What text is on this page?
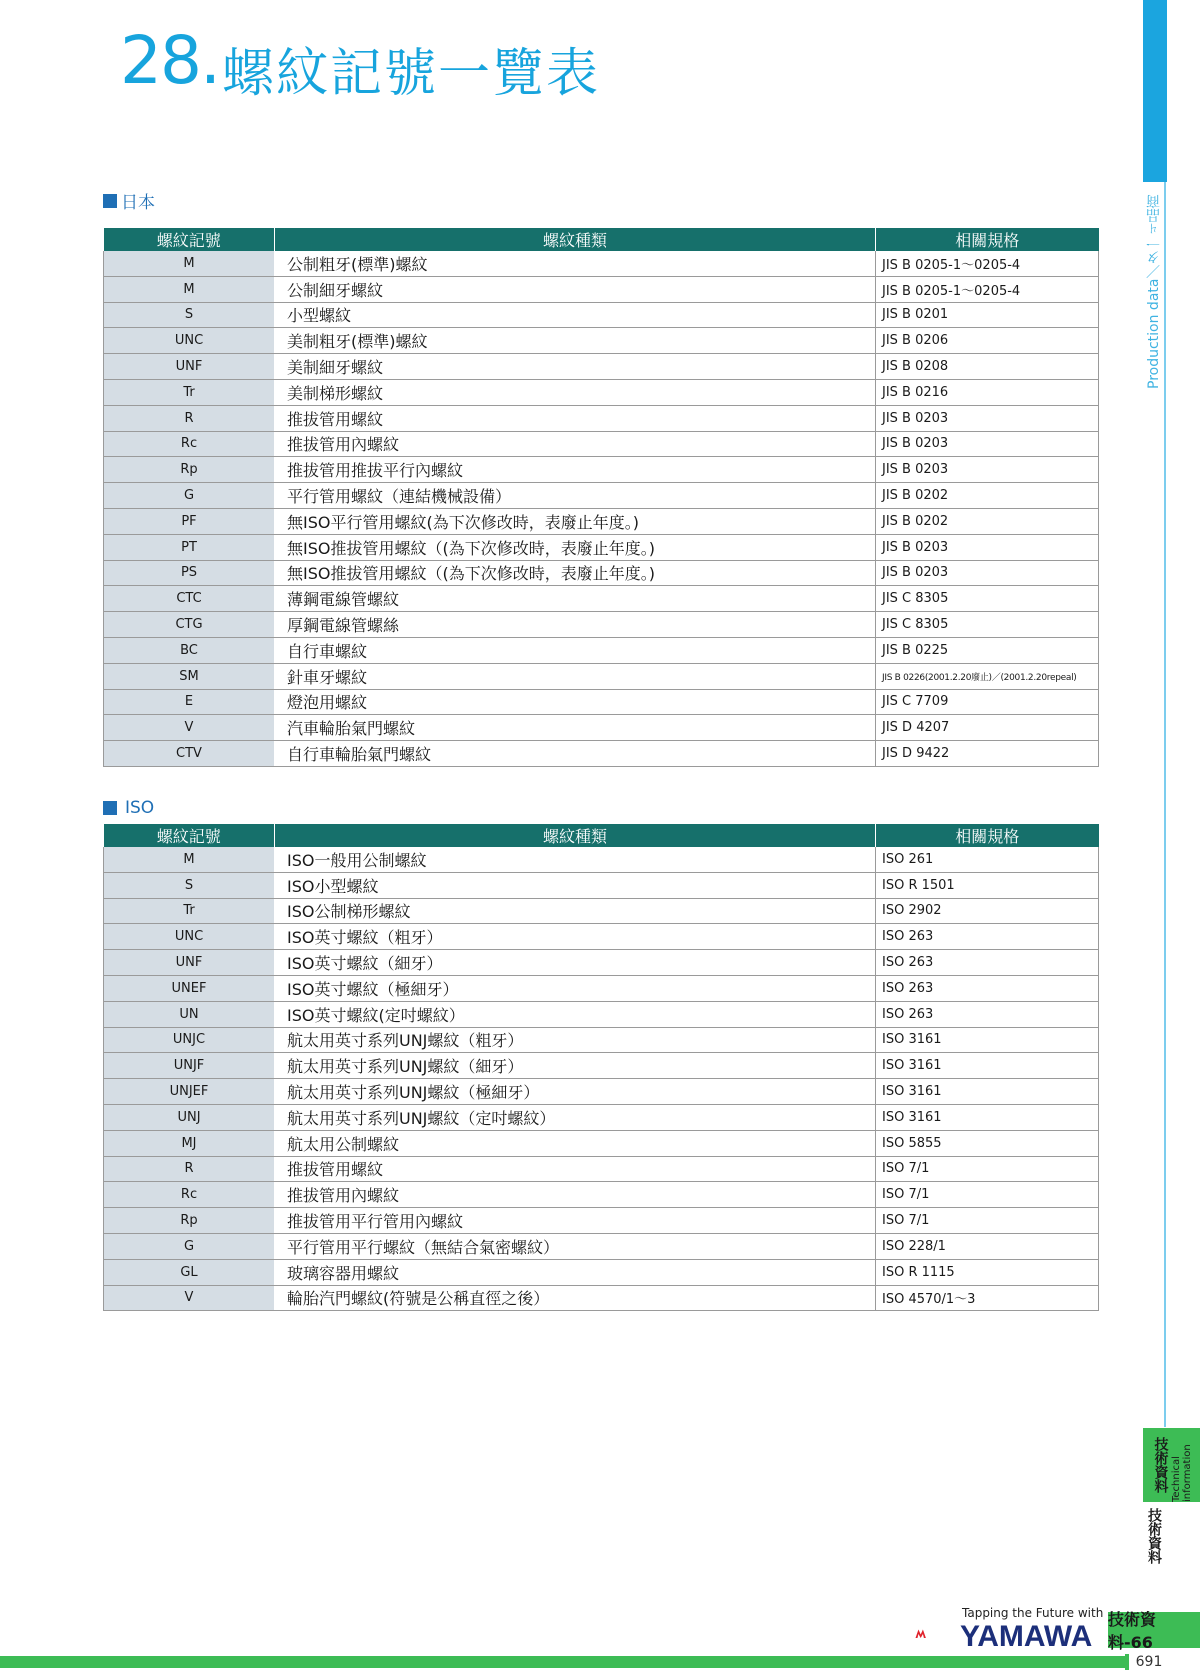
28. 螺紋記號一覽表
日本
螺紋記號	螺紋種類	相關規格
M	公制粗牙(標準)螺紋	JIS B 0205-1～0205-4
M	公制細牙螺紋	JIS B 0205-1～0205-4
S	小型螺紋	JIS B 0201
UNC	美制粗牙(標準)螺紋	JIS B 0206
UNF	美制細牙螺紋	JIS B 0208
Tr	美制梯形螺紋	JIS B 0216
R	推拔管用螺紋	JIS B 0203
Rc	推拔管用內螺紋	JIS B 0203
Rp	推拔管用推拔平行內螺紋	JIS B 0203
G	平行管用螺紋（連結機械設備）	JIS B 0202
PF	無ISO平行管用螺紋(為下次修改時，表廢止年度。)	JIS B 0202
PT	無ISO推拔管用螺紋（(為下次修改時，表廢止年度。)	JIS B 0203
PS	無ISO推拔管用螺紋（(為下次修改時，表廢止年度。)	JIS B 0203
CTC	薄鋼電線管螺紋	JIS C 8305
CTG	厚鋼電線管螺絲	JIS C 8305
BC	自行車螺紋	JIS B 0225
SM	針車牙螺紋	JIS B 0226(2001.2.20廢止)／(2001.2.20repeal)
E	燈泡用螺紋	JIS C 7709
V	汽車輪胎氣門螺紋	JIS D 4207
CTV	自行車輪胎氣門螺紋	JIS D 9422
ISO
螺紋記號	螺紋種類	相關規格
M	ISO一般用公制螺紋	ISO 261
S	ISO小型螺紋	ISO R 1501
Tr	ISO公制梯形螺紋	ISO 2902
UNC	ISO英寸螺紋（粗牙）	ISO 263
UNF	ISO英寸螺紋（細牙）	ISO 263
UNEF	ISO英寸螺紋（極細牙）	ISO 263
UN	ISO英寸螺紋(定吋螺紋）	ISO 263
UNJC	航太用英寸系列UNJ螺紋（粗牙）	ISO 3161
UNJF	航太用英寸系列UNJ螺紋（細牙）	ISO 3161
UNJEF	航太用英寸系列UNJ螺紋（極細牙）	ISO 3161
UNJ	航太用英寸系列UNJ螺紋（定吋螺紋）	ISO 3161
MJ	航太用公制螺紋	ISO 5855
R	推拔管用螺紋	ISO 7/1
Rc	推拔管用內螺紋	ISO 7/1
Rp	推拔管用平行管用內螺紋	ISO 7/1
G	平行管用平行螺紋（無結合氣密螺紋）	ISO 228/1
GL	玻璃容器用螺紋	ISO R 1115
V	輪胎汽門螺紋(符號是公稱直徑之後）	ISO 4570/1～3
Production data／タ一ㄐ品商
技術資料 Technical information
技術資料
Tapping the Future with
YAMAWA
技術資料-66
691
